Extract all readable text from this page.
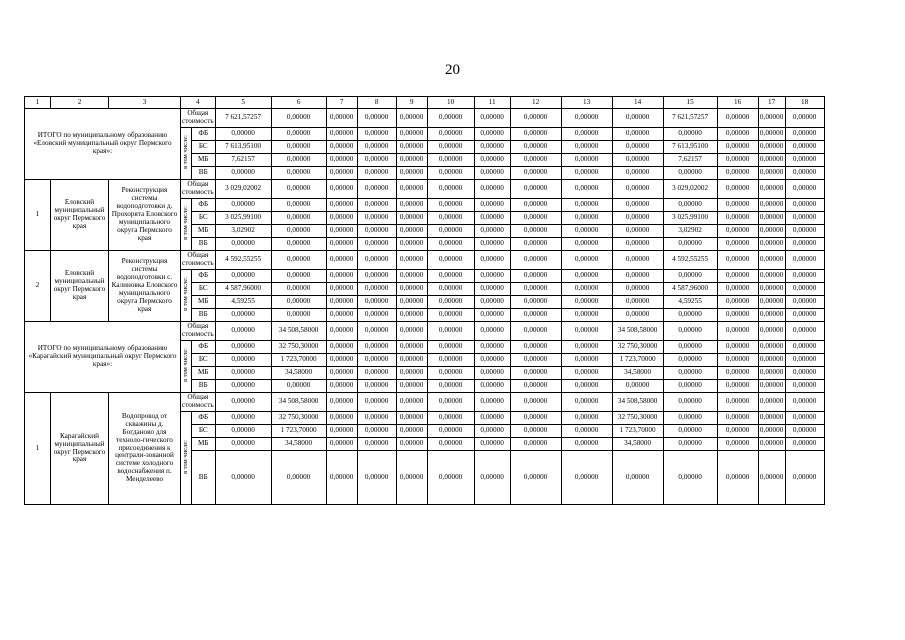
20
1	2	3	4		5	6	7	8	9	10	11	12	13	14	15	16	17	18
ИТОГО по муниципальному образованию «Еловский муниципальный округ Пермского края»:			Общая стоимость		7 621,57257	0,00000	0,00000	0,00000	0,00000	0,00000	0,00000	0,00000	0,00000	0,00000	7 621,57257	0,00000	0,00000	0,00000
			в том числе:	ФБ	0,00000	0,00000	0,00000	0,00000	0,00000	0,00000	0,00000	0,00000	0,00000	0,00000	0,00000	0,00000	0,00000	0,00000
				БС	7 613,95100	0,00000	0,00000	0,00000	0,00000	0,00000	0,00000	0,00000	0,00000	0,00000	7 613,95100	0,00000	0,00000	0,00000
				МБ	7,62157	0,00000	0,00000	0,00000	0,00000	0,00000	0,00000	0,00000	0,00000	0,00000	7,62157	0,00000	0,00000	0,00000
				ВБ	0,00000	0,00000	0,00000	0,00000	0,00000	0,00000	0,00000	0,00000	0,00000	0,00000	0,00000	0,00000	0,00000	0,00000
1	Еловский муниципальный округ Пермского края	Реконструкция системы водоподготовки д. Прохорята Еловского муниципального округа Пермского края	Общая стоимость		3 029,02002	0,00000	0,00000	0,00000	0,00000	0,00000	0,00000	0,00000	0,00000	0,00000	3 029,02002	0,00000	0,00000	0,00000
			в том числе:	ФБ	0,00000	0,00000	0,00000	0,00000	0,00000	0,00000	0,00000	0,00000	0,00000	0,00000	0,00000	0,00000	0,00000	0,00000
				БС	3 025,99100	0,00000	0,00000	0,00000	0,00000	0,00000	0,00000	0,00000	0,00000	0,00000	3 025,99100	0,00000	0,00000	0,00000
				МБ	3,02902	0,00000	0,00000	0,00000	0,00000	0,00000	0,00000	0,00000	0,00000	0,00000	3,02902	0,00000	0,00000	0,00000
				ВБ	0,00000	0,00000	0,00000	0,00000	0,00000	0,00000	0,00000	0,00000	0,00000	0,00000	0,00000	0,00000	0,00000	0,00000
2	Еловский муниципальный округ Пермского края	Реконструкция системы водоподготовки с. Калиновка Еловского муниципального округа Пермского края	Общая стоимость		4 592,55255	0,00000	0,00000	0,00000	0,00000	0,00000	0,00000	0,00000	0,00000	0,00000	4 592,55255	0,00000	0,00000	0,00000
			в том числе:	ФБ	0,00000	0,00000	0,00000	0,00000	0,00000	0,00000	0,00000	0,00000	0,00000	0,00000	0,00000	0,00000	0,00000	0,00000
				БС	4 587,96000	0,00000	0,00000	0,00000	0,00000	0,00000	0,00000	0,00000	0,00000	0,00000	4 587,96000	0,00000	0,00000	0,00000
				МБ	4,59255	0,00000	0,00000	0,00000	0,00000	0,00000	0,00000	0,00000	0,00000	0,00000	4,59255	0,00000	0,00000	0,00000
				ВБ	0,00000	0,00000	0,00000	0,00000	0,00000	0,00000	0,00000	0,00000	0,00000	0,00000	0,00000	0,00000	0,00000	0,00000
ИТОГО по муниципальному образованию «Карагайский муниципальный округ Пермского края»:			Общая стоимость		0,00000	34 508,58000	0,00000	0,00000	0,00000	0,00000	0,00000	0,00000	0,00000	34 508,58000	0,00000	0,00000	0,00000	0,00000
			в том числе:	ФБ	0,00000	32 750,30000	0,00000	0,00000	0,00000	0,00000	0,00000	0,00000	0,00000	32 750,30000	0,00000	0,00000	0,00000	0,00000
				БС	0,00000	1 723,70000	0,00000	0,00000	0,00000	0,00000	0,00000	0,00000	0,00000	1 723,70000	0,00000	0,00000	0,00000	0,00000
				МБ	0,00000	34,58000	0,00000	0,00000	0,00000	0,00000	0,00000	0,00000	0,00000	34,58000	0,00000	0,00000	0,00000	0,00000
				ВБ	0,00000	0,00000	0,00000	0,00000	0,00000	0,00000	0,00000	0,00000	0,00000	0,00000	0,00000	0,00000	0,00000	0,00000
1	Карагайский муниципальный округ Пермского края	Водопровод от скважины д. Богданово для техноло-гического присоединения к централи-зованной системе холодного водоснабжения п. Менделеево	Общая стоимость		0,00000	34 508,58000	0,00000	0,00000	0,00000	0,00000	0,00000	0,00000	0,00000	34 508,58000	0,00000	0,00000	0,00000	0,00000
			в том числе:	ФБ	0,00000	32 750,30000	0,00000	0,00000	0,00000	0,00000	0,00000	0,00000	0,00000	32 750,30000	0,00000	0,00000	0,00000	0,00000
				БС	0,00000	1 723,70000	0,00000	0,00000	0,00000	0,00000	0,00000	0,00000	0,00000	1 723,70000	0,00000	0,00000	0,00000	0,00000
				МБ	0,00000	34,58000	0,00000	0,00000	0,00000	0,00000	0,00000	0,00000	0,00000	34,58000	0,00000	0,00000	0,00000	0,00000
				ВБ	0,00000	0,00000	0,00000	0,00000	0,00000	0,00000	0,00000	0,00000	0,00000	0,00000	0,00000	0,00000	0,00000	0,00000
